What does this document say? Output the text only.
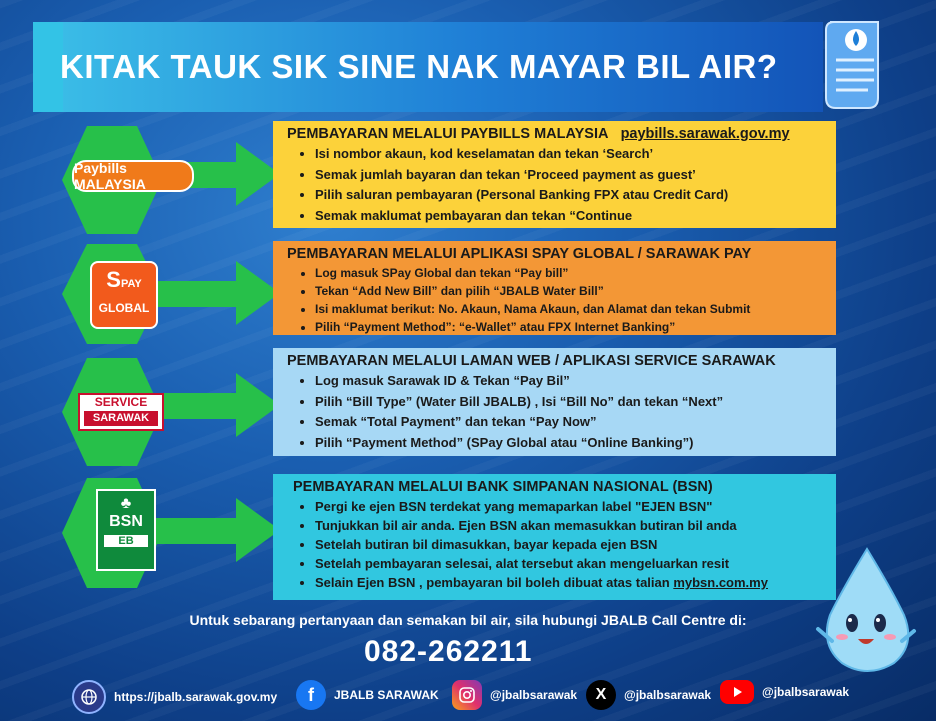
KITAK TAUK SIK SINE NAK MAYAR BIL AIR?
Paybills MALAYSIA
PEMBAYARAN MELALUI PAYBILLS MALAYSIA paybills.sarawak.gov.my
• Isi nombor akaun, kod keselamatan dan tekan ‘Search’
• Semak jumlah bayaran dan tekan ‘Proceed payment as guest’
• Pilih saluran pembayaran (Personal Banking FPX atau Credit Card)
• Semak maklumat pembayaran dan tekan “Continue
SPAY
GLOBAL
PEMBAYARAN MELALUI APLIKASI SPAY GLOBAL / SARAWAK PAY
• Log masuk SPay Global dan tekan “Pay bill”
• Tekan “Add New Bill” dan pilih “JBALB Water Bill”
• Isi maklumat berikut: No. Akaun, Nama Akaun, dan Alamat dan tekan Submit
• Pilih “Payment Method”: “e-Wallet” atau FPX Internet Banking”
SERVICE
SARAWAK
PEMBAYARAN MELALUI LAMAN WEB / APLIKASI SERVICE SARAWAK
• Log masuk Sarawak ID & Tekan “Pay Bil”
• Pilih “Bill Type” (Water Bill JBALB) , Isi “Bill No” dan tekan “Next”
• Semak “Total Payment” dan tekan “Pay Now”
• Pilih “Payment Method” (SPay Global atau “Online Banking”)
♣
BSN
EB
PEMBAYARAN MELALUI BANK SIMPANAN NASIONAL (BSN)
• Pergi ke ejen BSN terdekat yang memaparkan label "EJEN BSN"
• Tunjukkan bil air anda. Ejen BSN akan memasukkan butiran bil anda
• Setelah butiran bil dimasukkan, bayar kepada ejen BSN
• Setelah pembayaran selesai, alat tersebut akan mengeluarkan resit
• Selain Ejen BSN , pembayaran bil boleh dibuat atas talian mybsn.com.my
Untuk sebarang pertanyaan dan semakan bil air, sila hubungi JBALB Call Centre di:
082-262211
https://jbalb.sarawak.gov.my	f	JBALB SARAWAK	@jbalbsarawak	X	@jbalbsarawak	@jbalbsarawak
